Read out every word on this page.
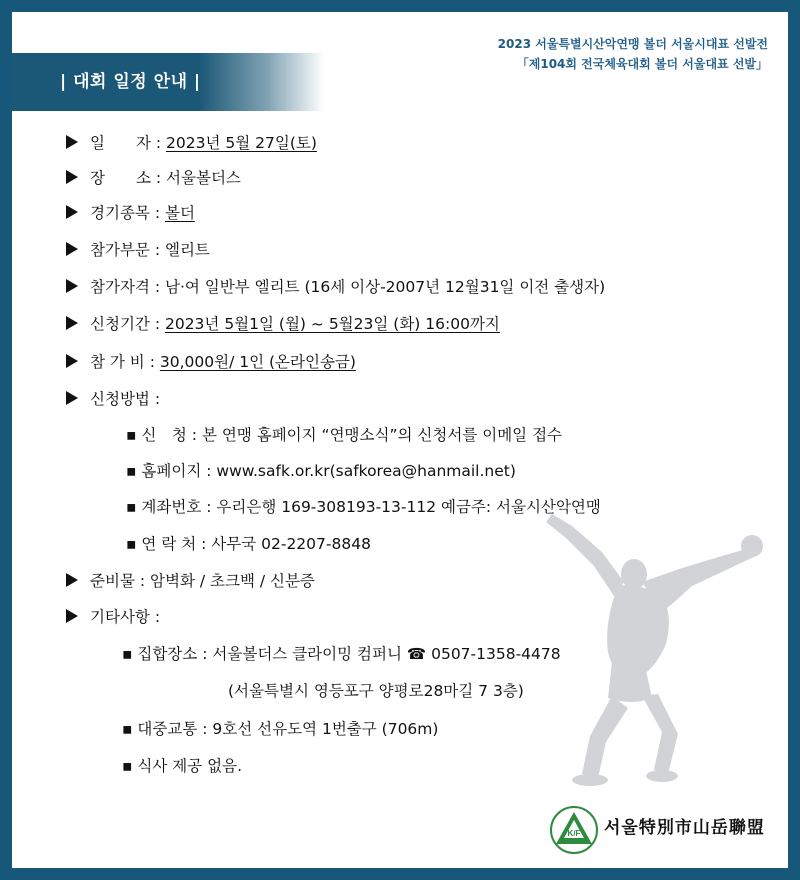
| 대회 일정 안내 |
2023 서울특별시산악연맹 볼더 서울시대표 선발전
「제104회 전국체육대회 볼더 서울대표 선발」
일　　자 : 2023년 5월 27일(토)
장　　소 : 서울볼더스
경기종목 : 볼더
참가부문 : 엘리트
참가자격 : 남·여 일반부 엘리트 (16세 이상-2007년 12월31일 이전 출생자)
신청기간 : 2023년 5월1일 (월) ~ 5월23일 (화) 16:00까지
참 가 비 : 30,000원/ 1인 (온라인송금)
신청방법 :
▪ 신　청 : 본 연맹 홈페이지 “연맹소식”의 신청서를 이메일 접수
▪ 홈페이지 : www.safk.or.kr(safkorea@hanmail.net)
▪ 계좌번호 : 우리은행 169-308193-13-112 예금주: 서울시산악연맹
▪ 연 락 처 : 사무국 02-2207-8848
준비물 : 암벽화 / 초크백 / 신분증
기타사항 :
▪ 집합장소 : 서울볼더스 클라이밍 컴퍼니 ☎ 0507-1358-4478
(서울특별시 영등포구 양평로28마길 7 3층)
▪ 대중교통 : 9호선 선유도역 1번출구 (706m)
▪ 식사 제공 없음.
K/F 서울特別市山岳聯盟
